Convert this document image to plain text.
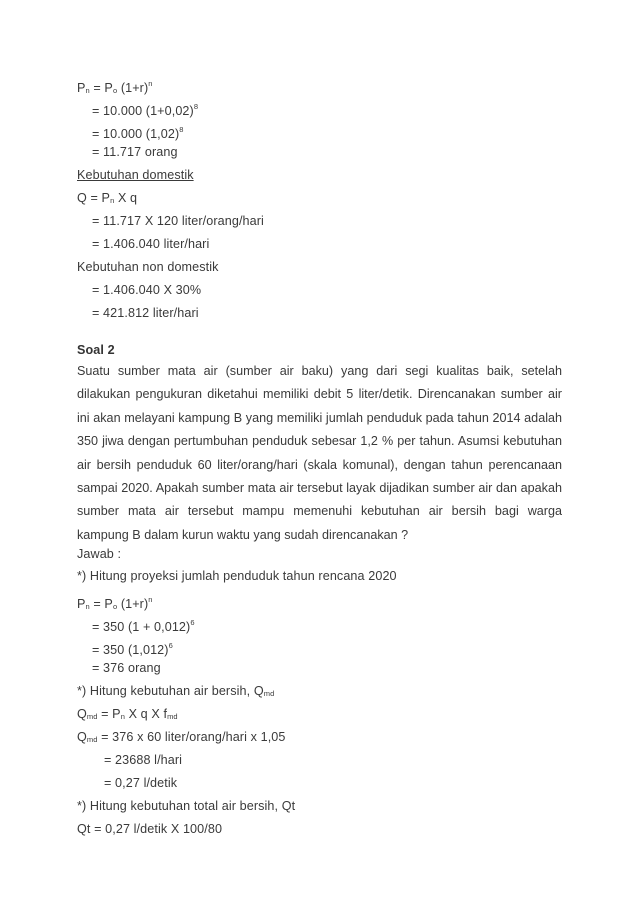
$P_n = P_o$ $(1+r)^n$
= 10.000 $(1+0,02)^8$
= 10.000 $(1,02)^8$
= 11.717 orang
Kebutuhan domestik
$Q = P_n$ X q
= 11.717 X 120 liter/orang/hari
= 1.406.040 liter/hari
Kebutuhan non domestik
= 1.406.040 X 30%
= 421.812 liter/hari
Soal 2
Suatu sumber mata air (sumber air baku) yang dari segi kualitas baik, setelah dilakukan pengukuran diketahui memiliki debit 5 liter/detik. Direncanakan sumber air ini akan melayani kampung B yang memiliki jumlah penduduk pada tahun 2014 adalah 350 jiwa dengan pertumbuhan penduduk sebesar 1,2 % per tahun. Asumsi kebutuhan air bersih penduduk 60 liter/orang/hari (skala komunal), dengan tahun perencanaan sampai 2020. Apakah sumber mata air tersebut layak dijadikan sumber air dan apakah sumber mata air tersebut mampu memenuhi kebutuhan air bersih bagi warga kampung B dalam kurun waktu yang sudah direncanakan ?
Jawab :
*) Hitung proyeksi jumlah penduduk tahun rencana 2020
$P_n = P_o$ $(1+r)^n$
= 350 $(1 + 0,012)^6$
= 350 $(1,012)^6$
= 376 orang
*) Hitung kebutuhan air bersih, $Q_{md}$
$Q_{md} = P_n$ X q X $f_{md}$
$Q_{md} = 376$ x 60 liter/orang/hari x 1,05
= 23688 l/hari
= 0,27 l/detik
*) Hitung kebutuhan total air bersih, Qt
Qt = 0,27 l/detik X 100/80
